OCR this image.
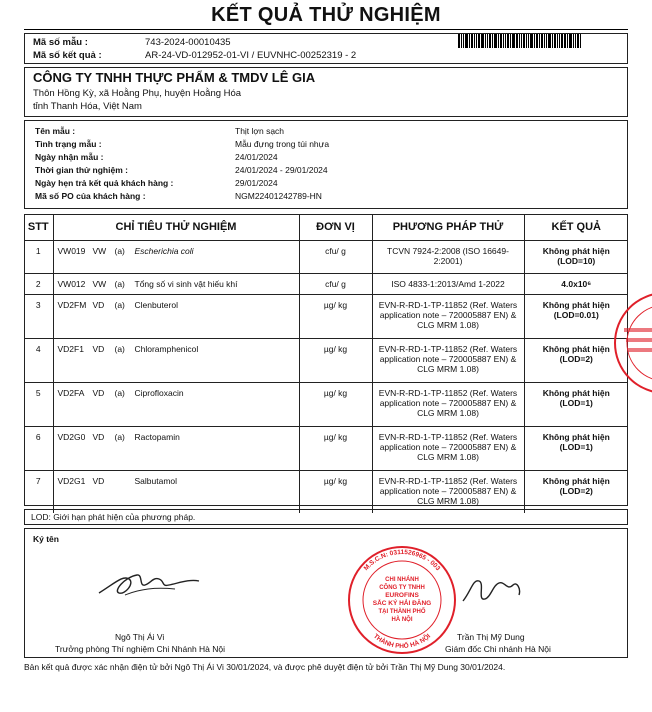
KẾT QUẢ THỬ NGHIỆM
Mã số mẫu :	743-2024-00010435
Mã số kết quả :	AR-24-VD-012952-01-VI / EUVNHC-00252319 - 2
CÔNG TY TNHH THỰC PHẨM & TMDV LÊ GIA
Thôn Hồng Kỳ, xã Hoằng Phụ, huyện Hoằng Hóa
tỉnh Thanh Hóa, Việt Nam
Tên mẫu :	Thịt lợn sạch
Tình trạng mẫu :	Mẫu đựng trong túi nhựa
Ngày nhận mẫu :	24/01/2024
Thời gian thử nghiệm :	24/01/2024 - 29/01/2024
Ngày hẹn trả kết quả khách hàng :	29/01/2024
Mã số PO của khách hàng :	NGM22401242789-HN
STT	CHỈ TIÊU THỬ NGHIỆM	ĐƠN VỊ	PHƯƠNG PHÁP THỬ	KẾT QUẢ
1	VW019 VW (a) Escherichia coli	cfu/ g	TCVN 7924-2:2008 (ISO 16649-2:2001)	Không phát hiện
(LOD=10)

2	VW012 VW (a) Tổng số vi sinh vật hiếu khí	cfu/ g	ISO 4833-1:2013/Amd 1-2022	4.0x10⁶

3	VD2FM VD (a) Clenbuterol	µg/ kg	EVN-R-RD-1-TP-11852 (Ref. Waters application note – 720005887 EN) & CLG MRM 1.08)	Không phát hiện
(LOD=0.01)

4	VD2F1 VD (a) Chloramphenicol	µg/ kg	EVN-R-RD-1-TP-11852 (Ref. Waters application note – 720005887 EN) & CLG MRM 1.08)	Không phát hiện
(LOD=2)

5	VD2FA VD (a) Ciprofloxacin	µg/ kg	EVN-R-RD-1-TP-11852 (Ref. Waters application note – 720005887 EN) & CLG MRM 1.08)	Không phát hiện
(LOD=1)

6	VD2G0 VD (a) Ractopamin	µg/ kg	EVN-R-RD-1-TP-11852 (Ref. Waters application note – 720005887 EN) & CLG MRM 1.08)	Không phát hiện
(LOD=1)

7	VD2G1 VD Salbutamol	µg/ kg	EVN-R-RD-1-TP-11852 (Ref. Waters application note – 720005887 EN) & CLG MRM 1.08)	Không phát hiện
(LOD=2)
LOD: Giới hạn phát hiện của phương pháp.
Ký tên
Ngô Thị Ái Vi
Trưởng phòng Thí nghiệm Chi Nhánh Hà Nội
Trần Thị Mỹ Dung
Giám đốc Chi nhánh Hà Nội
M.S.C.N: 0311526965 - 003
THÀNH PHỐ HÀ NỘI
CHI NHÁNH
CÔNG TY TNHH
EUROFINS
SẮC KÝ HẢI ĐĂNG
TẠI THÀNH PHỐ
HÀ NỘI
Bản kết quả được xác nhận điện tử bởi Ngô Thị Ái Vi 30/01/2024, và được phê duyệt điện tử bởi Trần Thị Mỹ Dung 30/01/2024.
